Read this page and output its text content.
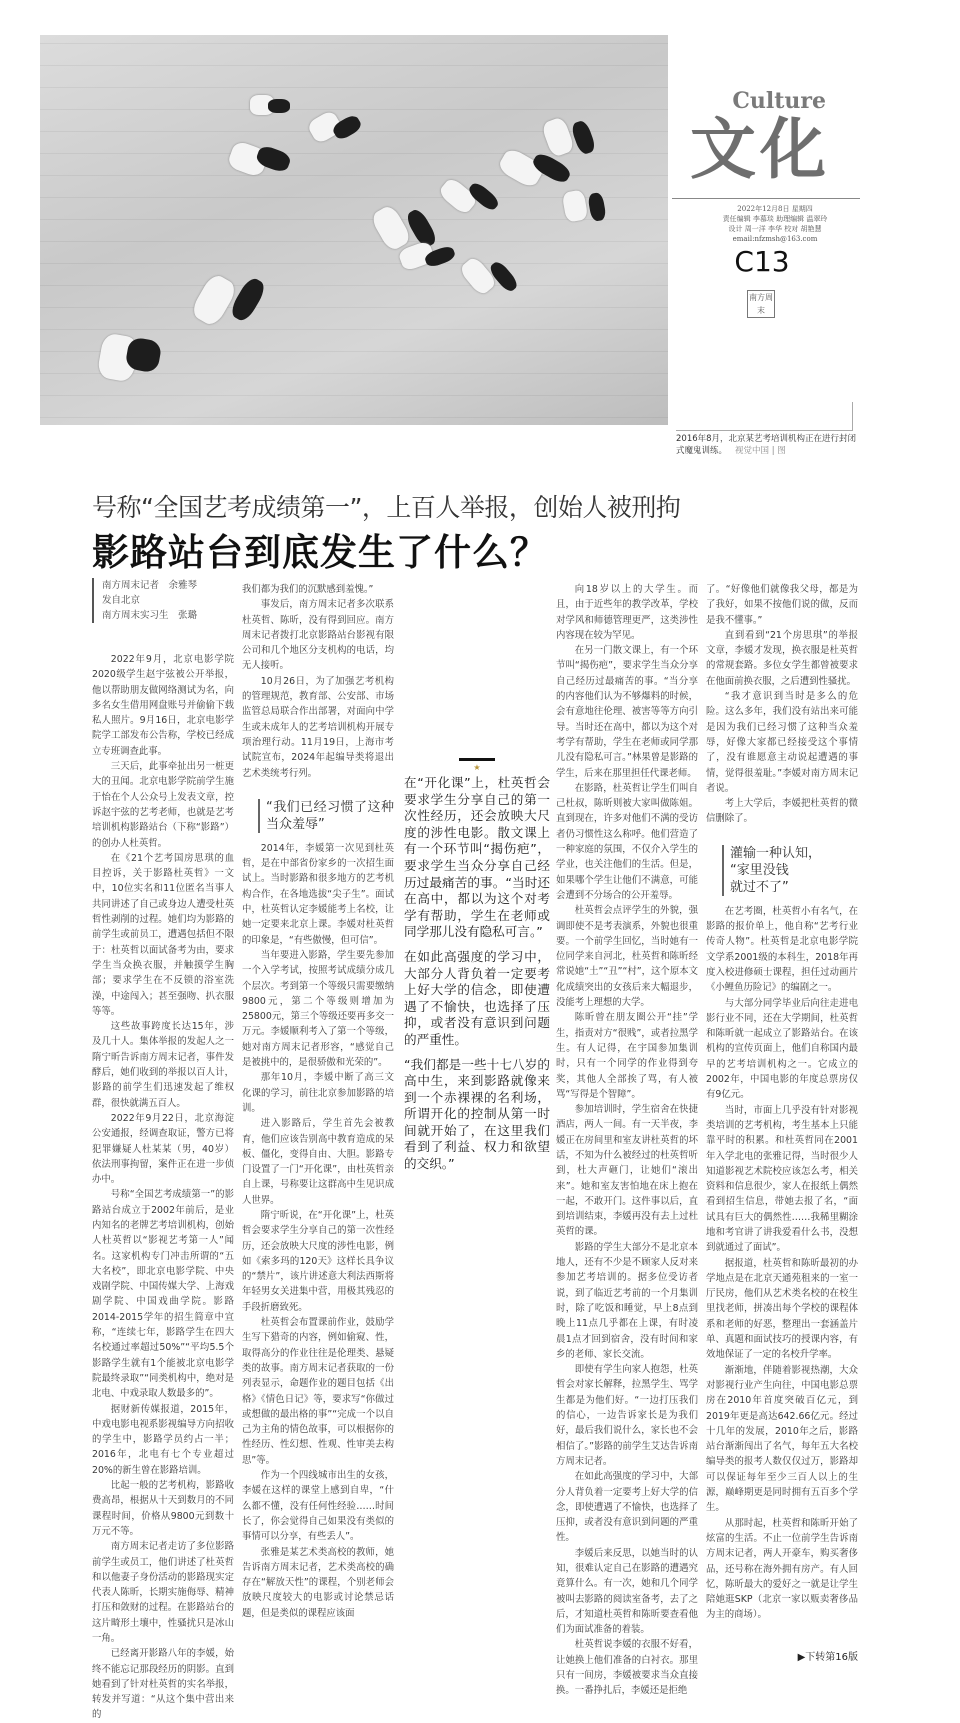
Culture
文化
2022年12月8日 星期四
责任编辑 李慕琰 助理编辑 温翠玲
设计 周一洋 李华 校对 胡艳慧
email:nfzmsh@163.com
C13
南 方 周
末
2016年8月，北京某艺考培训机构正在进行封闭式魔鬼训练。 视觉中国 | 图
号称“全国艺考成绩第一”，上百人举报，创始人被刑拘
影路站台到底发生了什么？
南方周末记者　余雅琴
发自北京
南方周末实习生　张璐

2022年9月，北京电影学院2020级学生赵宇弦被公开举报，他以帮助朋友做网络测试为名，向多名女生借用网盘账号并偷偷下载私人照片。9月16日，北京电影学院学工部发布公告称，学校已经成立专班调查此事。

三天后，此事牵扯出另一桩更大的丑闻。北京电影学院前学生施于怡在个人公众号上发表文章，控诉赵宇弦的艺考老师，也就是艺考培训机构影路站台（下称“影路”）的创办人杜英哲。

在《21个艺考国房思琪的血目控诉，关于影路杜英哲》一文中，10位实名和11位匿名当事人共同讲述了自己或身边人遭受杜英哲性剥削的过程。她们均为影路的前学生或前员工，遭遇包括但不限于：杜英哲以面试备考为由，要求学生当众换衣服，并触摸学生胸部；要求学生在不反锁的浴室洗澡，中途闯入；甚至强吻、扒衣服等等。

这些故事跨度长达15年，涉及几十人。集体举报的发起人之一隋宁昕告诉南方周末记者，事件发酵后，她们收到的举报以百人计，影路的前学生们迅速发起了维权群，很快就满五百人。

2022年9月22日，北京海淀公安通报，经调查取证，警方已将犯罪嫌疑人杜某某（男，40岁）依法刑事拘留，案件正在进一步侦办中。

号称“全国艺考成绩第一”的影路站台成立于2002年前后，是业内知名的老牌艺考培训机构，创始人杜英哲以“影视艺考第一人”闻名。这家机构专门冲击所谓的“五大名校”，即北京电影学院、中央戏剧学院、中国传媒大学、上海戏剧学院、中国戏曲学院。影路2014-2015学年的招生简章中宣称，“连续七年，影路学生在四大名校通过率超过50%”“平均5.5个影路学生就有1个能被北京电影学院最终录取”“同类机构中，绝对是北电、中戏录取人数最多的”。

据财新传媒报道，2015年，中戏电影电视系影视编导方向招收的学生中，影路学员约占一半；2016年，北电有七个专业超过20%的新生曾在影路培训。

比起一般的艺考机构，影路收费高昂，根据从十天到数月的不同课程时间，价格从9800元到数十万元不等。

南方周末记者走访了多位影路前学生或员工，他们讲述了杜英哲和以他妻子身份活动的影路现实定代表人陈昕，长期实施侮辱、精神打压和敛财的过程。在影路站台的这片畸形土壤中，性骚扰只是冰山一角。

已经离开影路八年的李媛，始终不能忘记那段经历的阴影。直到她看到了针对杜英哲的实名举报，转发并写道：“从这个集中营出来的

我们都为我们的沉默感到羞愧。”

事发后，南方周末记者多次联系杜英哲、陈昕，没有得到回应。南方周末记者拨打北京影路站台影视有限公司和几个地区分支机构的电话，均无人接听。

10月26日，为了加强艺考机构的管理规范，教育部、公安部、市场监管总局联合作出部署，对面向中学生或未成年人的艺考培训机构开展专项治理行动。11月19日，上海市考试院宣布，2024年起编导类将退出艺术类统考行列。

“我们已经习惯了这种当众羞辱”

2014年，李媛第一次见到杜英哲，是在中部省份家乡的一次招生面试上。当时影路和很多地方的艺考机构合作，在各地选拔“尖子生”。面试中，杜英哲认定李媛能考上名校，让她一定要来北京上课。李媛对杜英哲的印象是，“有些傲慢，但可信”。

当年要进入影路，学生要先参加一个入学考试，按照考试成绩分成几个层次。考到第一个等级只需要缴纳9800元，第二个等级则增加为25800元，第三个等级还要再多交一万元。李媛顺利考入了第一个等级，她对南方周末记者形容，“感觉自己是被挑中的，是很骄傲和光荣的”。

那年10月，李媛中断了高三文化课的学习，前往北京参加影路的培训。

进入影路后，学生首先会被教育，他们应该告别高中教育造成的呆板、僵化，变得自由、大胆。影路专门设置了一门“开化课”，由杜英哲亲自上课，号称要让这群高中生见识成人世界。

隋宁昕说，在“开化课”上，杜英哲会要求学生分享自己的第一次性经历，还会放映大尺度的涉性电影，例如《索多玛的120天》这样长具争议的“禁片”，该片讲述意大利法西斯将年轻男女关进集中营，用极其残忍的手段折磨致死。

杜英哲会布置课前作业，鼓励学生写下猎奇的内容，例如偷窥、性，取得高分的作业往往是伦理类、悬疑类的故事。南方周末记者获取的一份列表显示，命题作业的题目包括《出格》《情色日记》等，要求写“你做过或想做的最出格的事”“完成一个以自己为主角的情色故事，可以根据你的性经历、性幻想、性观、性审美去构思”等。

作为一个四线城市出生的女孩，李媛在这样的课堂上感到自卑，“什么都不懂，没有任何性经验……时间长了，你会觉得自己如果没有类似的事情可以分享，有些丢人”。

张雅是某艺术类高校的教师，她告诉南方周末记者，艺术类高校的确存在“解放天性”的课程，个别老师会放映尺度较大的电影或讨论禁忌话题，但是类似的课程应该面

★

在“开化课”上，杜英哲会要求学生分享自己的第一次性经历，还会放映大尺度的涉性电影。散文课上有一个环节叫“揭伤疤”，要求学生当众分享自己经历过最痛苦的事。“当时还在高中，都以为这个对考学有帮助，学生在老师或同学那儿没有隐私可言。”

在如此高强度的学习中，大部分人背负着一定要考上好大学的信念，即使遭遇了不愉快，也选择了压抑，或者没有意识到问题的严重性。

“我们都是一些十七八岁的高中生，来到影路就像来到一个赤裸裸的名利场，所谓开化的控制从第一时间就开始了，在这里我们看到了利益、权力和欲望的交织。”

向18岁以上的大学生。而且，由于近些年的教学改革，学校对学风和师德管理更严，这类涉性内容现在较为罕见。

在另一门散文课上，有一个环节叫“揭伤疤”，要求学生当众分享自己经历过最痛苦的事。“当分享的内容他们认为不够爆料的时候，会有意地往伦理、被害等等方向引导。当时还在高中，都以为这个对考学有帮助，学生在老师或同学那儿没有隐私可言。”林果曾是影路的学生，后来在那里担任代课老师。

在影路，杜英哲让学生们叫自己杜叔，陈昕则被大家叫做陈姐。直到现在，许多对他们不满的受访者仍习惯性这么称呼。他们营造了一种家庭的氛围，不仅介入学生的学业，也关注他们的生活。但是，如果哪个学生让他们不满意，可能会遭到不分场合的公开羞辱。

杜英哲会点评学生的外貌，强调即使不是考表演系，外貌也很重要。一个前学生回忆，当时她有一位同学来自河北，杜英哲和陈昕经常说她“土”“丑”“村”，这个原本文化成绩突出的女孩后来大幅退步，没能考上理想的大学。

陈昕曾在朋友圈公开“挂”学生，指责对方“很贱”，或者拉黑学生。有人记得，在宇国参加集训时，只有一个同学的作业得到夸奖，其他人全部挨了骂，有人被骂“写得是个智障”。

参加培训时，学生宿舍在快捷酒店，两人一间。有一天半夜，李媛正在房间里和室友讲杜英哲的坏话，不知为什么被经过的杜英哲听到，杜大声砸门，让她们“滚出来”。她和室友害怕地在床上抱在一起，不敢开门。这件事以后，直到培训结束，李媛再没有去上过杜英哲的课。

影路的学生大部分不是北京本地人，还有不少是不顾家人反对来参加艺考培训的。据多位受访者说，到了临近艺考前的一个月集训时，除了吃饭和睡觉，早上8点到晚上11点几乎都在上课，有时凌晨1点才回到宿舍，没有时间和家乡的老师、家长交流。

即使有学生向家人抱怨，杜英哲会对家长解释，拉黑学生、骂学生都是为他们好。“一边打压我们的信心，一边告诉家长是为我们好，最后我们说什么，家长也不会相信了。”影路的前学生艾达告诉南方周末记者。

在如此高强度的学习中，大部分人背负着一定要考上好大学的信念，即使遭遇了不愉快，也选择了压抑，或者没有意识到问题的严重性。

李媛后来反思，以她当时的认知，很难认定自己在影路的遭遇究竟算什么。有一次，她和几个同学被叫去影路的阅读室备考，去了之后，才知道杜英哲和陈昕要查看他们为面试准备的着装。

杜英哲说李媛的衣服不好看，让她换上他们准备的白衬衣。那里只有一间房，李媛被要求当众直接换。一番挣扎后，李媛还是拒绝

了。“好像他们就像我父母，都是为了我好，如果不按他们说的做，反而是我不懂事。”

直到看到“21个房思琪”的举报文章，李媛才发现，换衣服是杜英哲的常规套路。多位女学生都曾被要求在他面前换衣服，之后遭到性骚扰。

“我才意识到当时是多么的危险。这么多年，我们没有站出来可能是因为我们已经习惯了这种当众羞辱，好像大家都已经接受这个事情了，没有谁愿意主动说起遭遇的事情，觉得很羞耻。”李媛对南方周末记者说。

考上大学后，李媛把杜英哲的微信删除了。

灌输一种认知，
“家里没钱
就过不了”

在艺考圈，杜英哲小有名气，在影路的报价单上，他自称“艺考行业传奇人物”。杜英哲是北京电影学院文学系2001级的本科生，2018年再度入校进修硕士课程，担任过动画片《小鲤鱼历险记》的编剧之一。

与大部分同学毕业后向往走进电影行业不同，还在大学期间，杜英哲和陈昕就一起成立了影路站台。在该机构的宣传页面上，他们自称国内最早的艺考培训机构之一。它成立的2002年，中国电影的年度总票房仅有9亿元。

当时，市面上几乎没有针对影视类培训的艺考机构，考生基本上只能靠平时的积累。和杜英哲同在2001年入学北电的张雅记得，当时很少人知道影视艺术院校应该怎么考，相关资料和信息很少，家人在报纸上偶然看到招生信息，带她去报了名，“面试具有巨大的偶然性……我稀里糊涂地和考官讲了讲我爱看什么书，没想到就通过了面试”。

据报道，杜英哲和陈昕最初的办学地点是在北京天通苑租来的一室一厅民房，他们从艺术类名校的在校生里找老师，拼凑出每个学校的课程体系和老师的好恶，整理出一套涵盖片单、真题和面试技巧的授课内容，有效地保证了一定的名校升学率。

渐渐地，伴随着影视热潮，大众对影视行业产生向往，中国电影总票房在2010年首度突破百亿元，到2019年更是高达642.66亿元。经过十几年的发展，2010年之后，影路站台渐渐闯出了名气，每年五大名校编导类的报考人数仅仅过万，影路却可以保证每年至少三百人以上的生源，巅峰期更是同时拥有五百多个学生。

从那时起，杜英哲和陈昕开始了炫富的生活。不止一位前学生告诉南方周末记者，两人开豪车，购买奢侈品，还号称在海外拥有房产。有人回忆，陈昕最大的爱好之一就是让学生陪她逛SKP（北京一家以贩卖奢侈品为主的商场）。

▶下转第16版
